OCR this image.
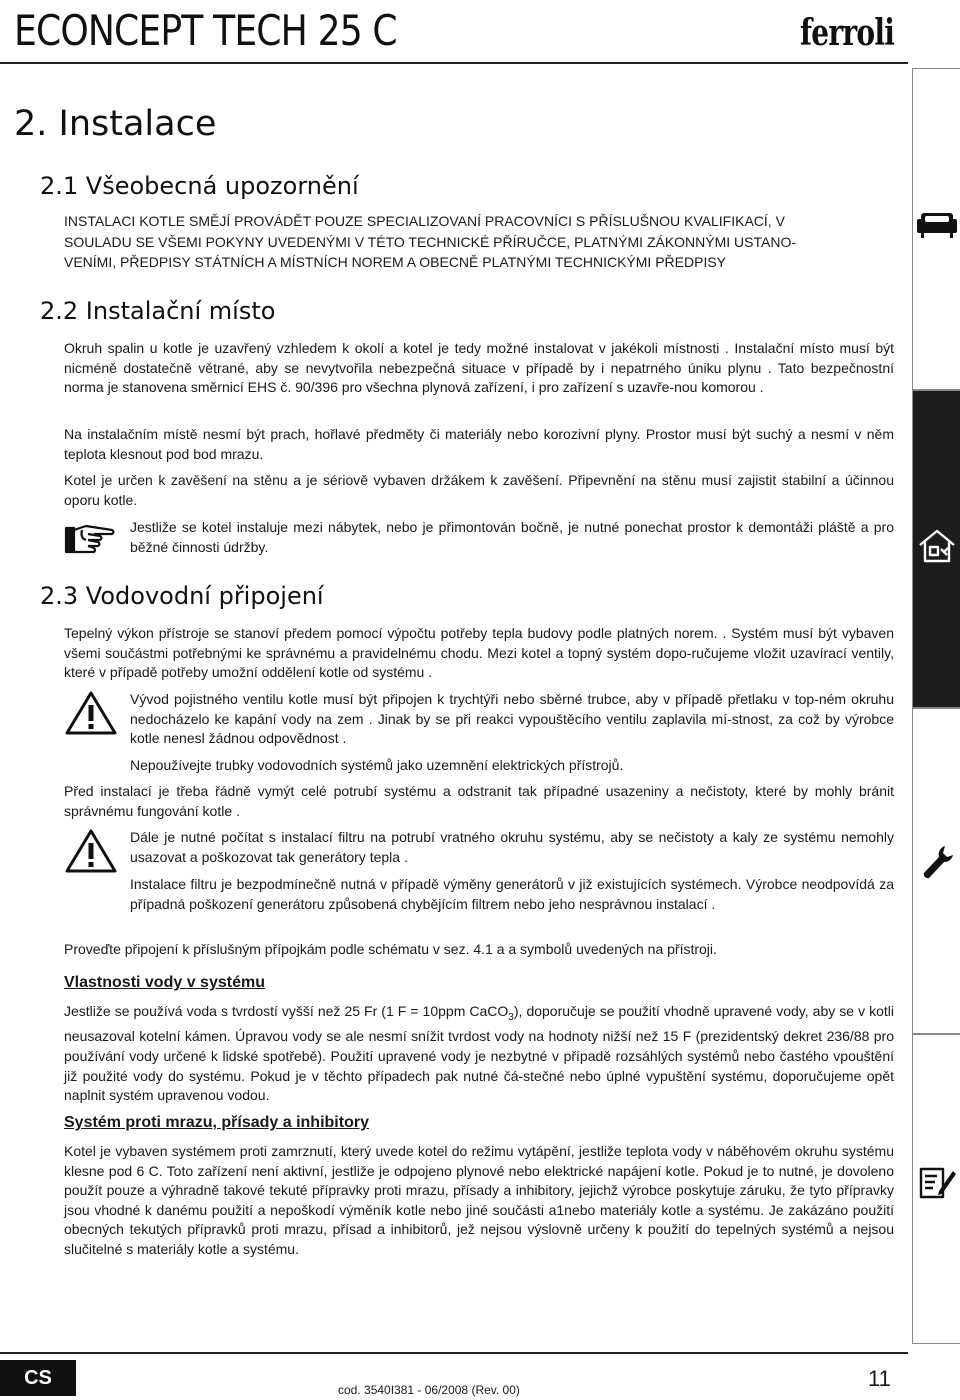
ECONCEPT TECH 25 C	ferroli
2. Instalace
2.1 Všeobecná upozornění
INSTALACI KOTLE SMĚJÍ PROVÁDĚT POUZE SPECIALIZOVANÍ PRACOVNÍCI S PŘÍSLUŠNOU KVALIFIKACÍ, V
SOULADU SE VŠEMI POKYNY UVEDENÝMI V TÉTO TECHNICKÉ PŘÍRUČCE, PLATNÝMI ZÁKONNÝMI USTANO-
VENÍMI, PŘEDPISY STÁTNÍCH A MÍSTNÍCH NOREM A OBECNĚ PLATNÝMI TECHNICKÝMI PŘEDPISY
2.2 Instalační místo
Okruh spalin u kotle je uzavřený vzhledem k okolí a kotel je tedy možné instalovat v jakékoli místnosti . Instalační místo musí být nicméně dostatečně větrané, aby se nevytvořila nebezpečná situace v případě by i nepatrného úniku plynu . Tato bezpečnostní norma je stanovena směrnicí EHS č. 90/396 pro všechna plynová zařízení, i pro zařízení s uzavře-nou komorou .
Na instalačním místě nesmí být prach, hořlavé předměty či materiály nebo korozivní plyny. Prostor musí být suchý a nesmí v něm teplota klesnout pod bod mrazu.
Kotel je určen k zavěšení na stěnu a je sériově vybaven držákem k zavěšení. Připevnění na stěnu musí zajistit stabilní a účinnou oporu kotle.
Jestliže se kotel instaluje mezi nábytek, nebo je přimontován bočně, je nutné ponechat prostor k demontáži pláště a pro běžné činnosti údržby.
2.3 Vodovodní připojení
Tepelný výkon přístroje se stanoví předem pomocí výpočtu potřeby tepla budovy podle platných norem. . Systém musí být vybaven všemi součástmi potřebnými ke správnému a pravidelnému chodu. Mezi kotel a topný systém dopo-ručujeme vložit uzavírací ventily, které v případě potřeby umožní oddělení kotle od systému .
Vývod pojistného ventilu kotle musí být připojen k trychtýři nebo sběrné trubce, aby v případě přetlaku v top-ném okruhu nedocházelo ke kapání vody na zem . Jinak by se při reakci vypouštěcího ventilu zaplavila mí-stnost, za což by výrobce kotle nenesl žádnou odpovědnost .
Nepoužívejte trubky vodovodních systémů jako uzemnění elektrických přístrojů.
Před instalací je třeba řádně vymýt celé potrubí systému a odstranit tak případné usazeniny a nečistoty, které by mohly bránit správnému fungování kotle .
Dále je nutné počítat s instalací filtru na potrubí vratného okruhu systému, aby se nečistoty a kaly ze systému nemohly usazovat a poškozovat tak generátory tepla .
Instalace filtru je bezpodmínečně nutná v případě výměny generátorů v již existujících systémech. Výrobce neodpovídá za případná poškození generátoru způsobená chybějícím filtrem nebo jeho nesprávnou instalací .
Proveďte připojení k příslušným přípojkám podle schématu v sez. 4.1 a a symbolů uvedených na přístroji.
Vlastnosti vody v systému
Jestliže se používá voda s tvrdostí vyšší než 25 Fr (1 F = 10ppm CaCO$_3$), doporučuje se použití vhodně upravené vody, aby se v kotli neusazoval kotelní kámen. Úpravou vody se ale nesmí snížit tvrdost vody na hodnoty nižší než 15 F (prezidentský dekret 236/88 pro používání vody určené k lidské spotřebě). Použití upravené vody je nezbytné v případě rozsáhlých systémů nebo častého vpouštění již použité vody do systému. Pokud je v těchto případech pak nutné čá-stečné nebo úplné vypuštění systému, doporučujeme opět naplnit systém upravenou vodou.
Systém proti mrazu, přísady a inhibitory
Kotel je vybaven systémem proti zamrznutí, který uvede kotel do režimu vytápění, jestliže teplota vody v náběhovém okruhu systému klesne pod 6 C. Toto zařízení není aktivní, jestliže je odpojeno plynové nebo elektrické napájení kotle. Pokud je to nutné, je dovoleno použít pouze a výhradně takové tekuté přípravky proti mrazu, přísady a inhibitory, jejichž výrobce poskytuje záruku, že tyto přípravky jsou vhodné k danému použití a nepoškodí výměník kotle nebo jiné součásti a1nebo materiály kotle a systému. Je zakázáno použití obecných tekutých přípravků proti mrazu, přísad a inhibitorů, jež nejsou výslovně určeny k použití do tepelných systémů a nejsou slučitelné s materiály kotle a systému.
CS
cod. 3540I381 - 06/2008 (Rev. 00)	11
